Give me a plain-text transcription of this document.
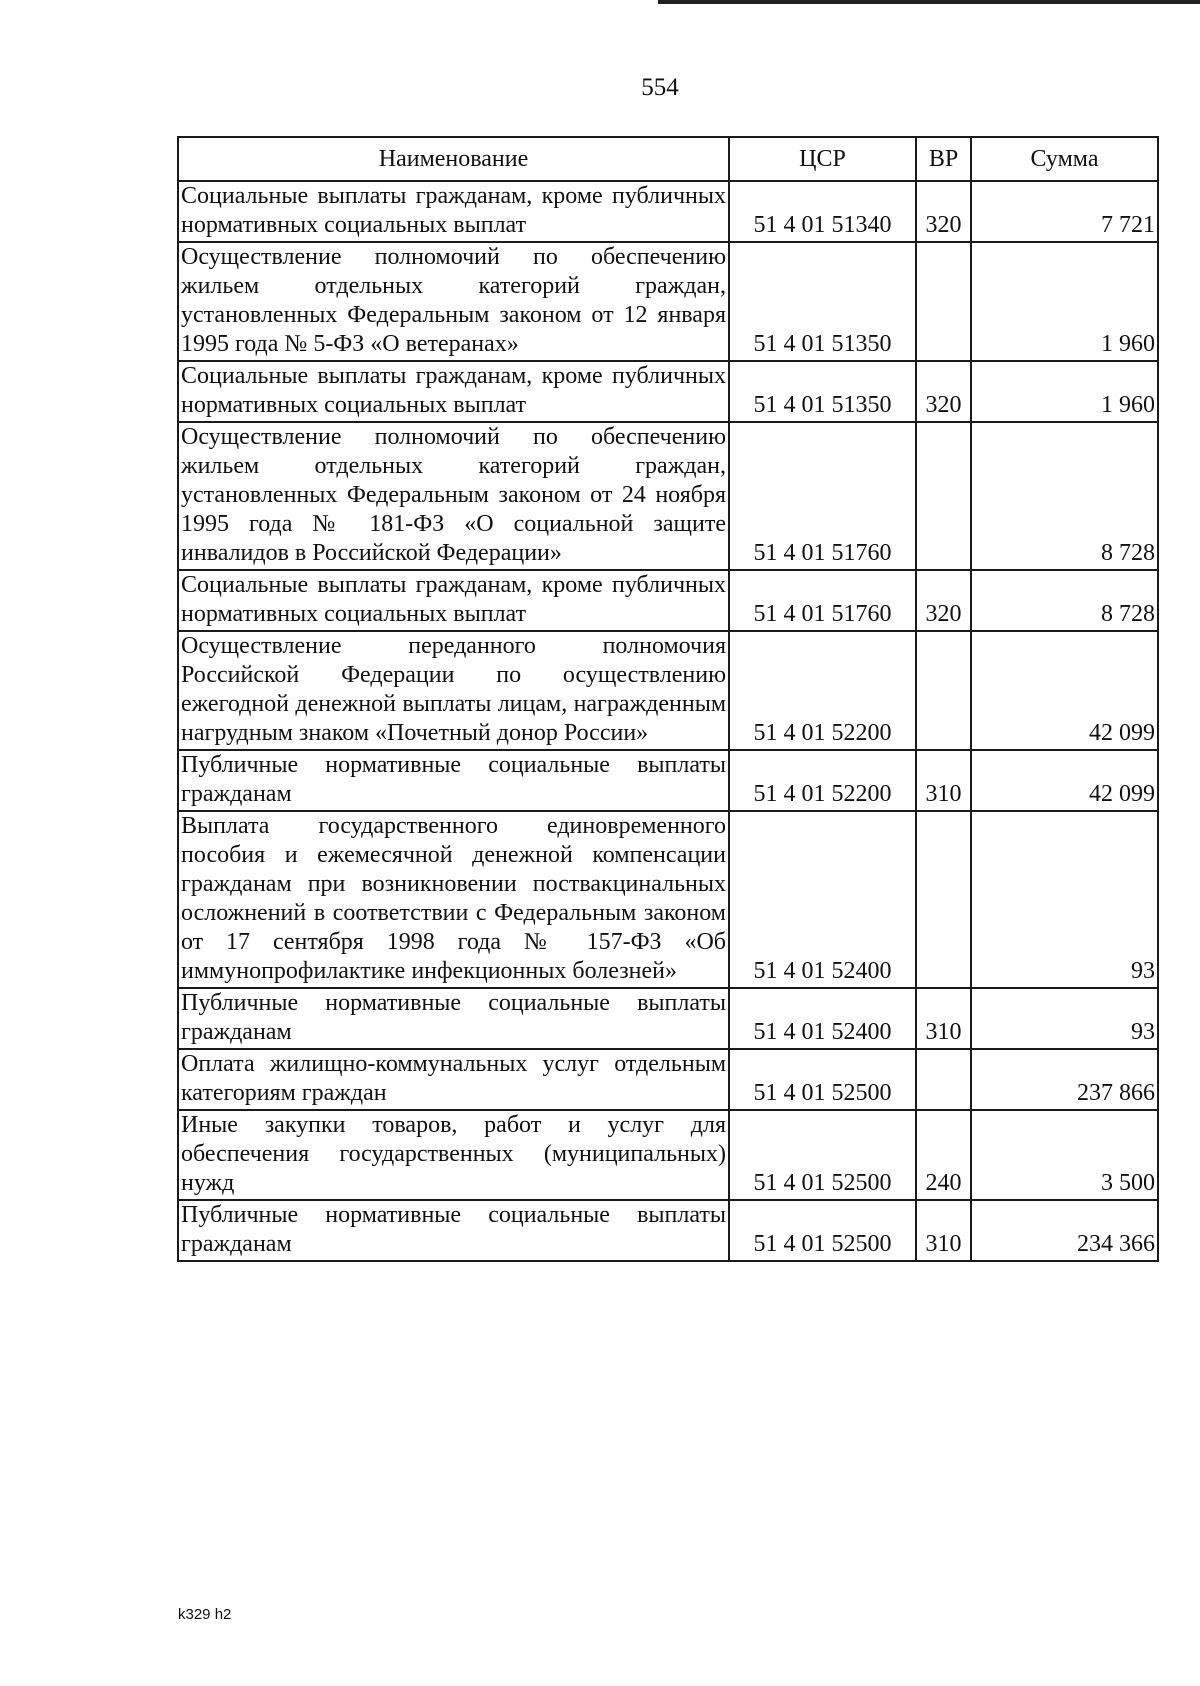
554
Наименование	ЦСР	ВР	Сумма
Социальные выплаты гражданам, кроме публичных нормативных социальных выплат	51 4 01 51340	320	7 721
Осуществление полномочий по обеспечению жильем отдельных категорий граждан, установленных Федеральным законом от 12 января 1995 года № 5-ФЗ «О ветеранах»	51 4 01 51350		1 960
Социальные выплаты гражданам, кроме публичных нормативных социальных выплат	51 4 01 51350	320	1 960
Осуществление полномочий по обеспечению жильем отдельных категорий граждан, установленных Федеральным законом от 24 ноября 1995 года № 181-ФЗ «О социальной защите инвалидов в Российской Федерации»	51 4 01 51760		8 728
Социальные выплаты гражданам, кроме публичных нормативных социальных выплат	51 4 01 51760	320	8 728
Осуществление переданного полномочия Российской Федерации по осуществлению ежегодной денежной выплаты лицам, награжденным нагрудным знаком «Почетный донор России»	51 4 01 52200		42 099
Публичные нормативные социальные выплаты гражданам	51 4 01 52200	310	42 099
Выплата государственного единовременного пособия и ежемесячной денежной компенсации гражданам при возникновении поствакцинальных осложнений в соответствии с Федеральным законом от 17 сентября 1998 года № 157-ФЗ «Об иммунопрофилактике инфекционных болезней»	51 4 01 52400		93
Публичные нормативные социальные выплаты гражданам	51 4 01 52400	310	93
Оплата жилищно-коммунальных услуг отдельным категориям граждан	51 4 01 52500		237 866
Иные закупки товаров, работ и услуг для обеспечения государственных (муниципальных) нужд	51 4 01 52500	240	3 500
Публичные нормативные социальные выплаты гражданам	51 4 01 52500	310	234 366
k329 h2
